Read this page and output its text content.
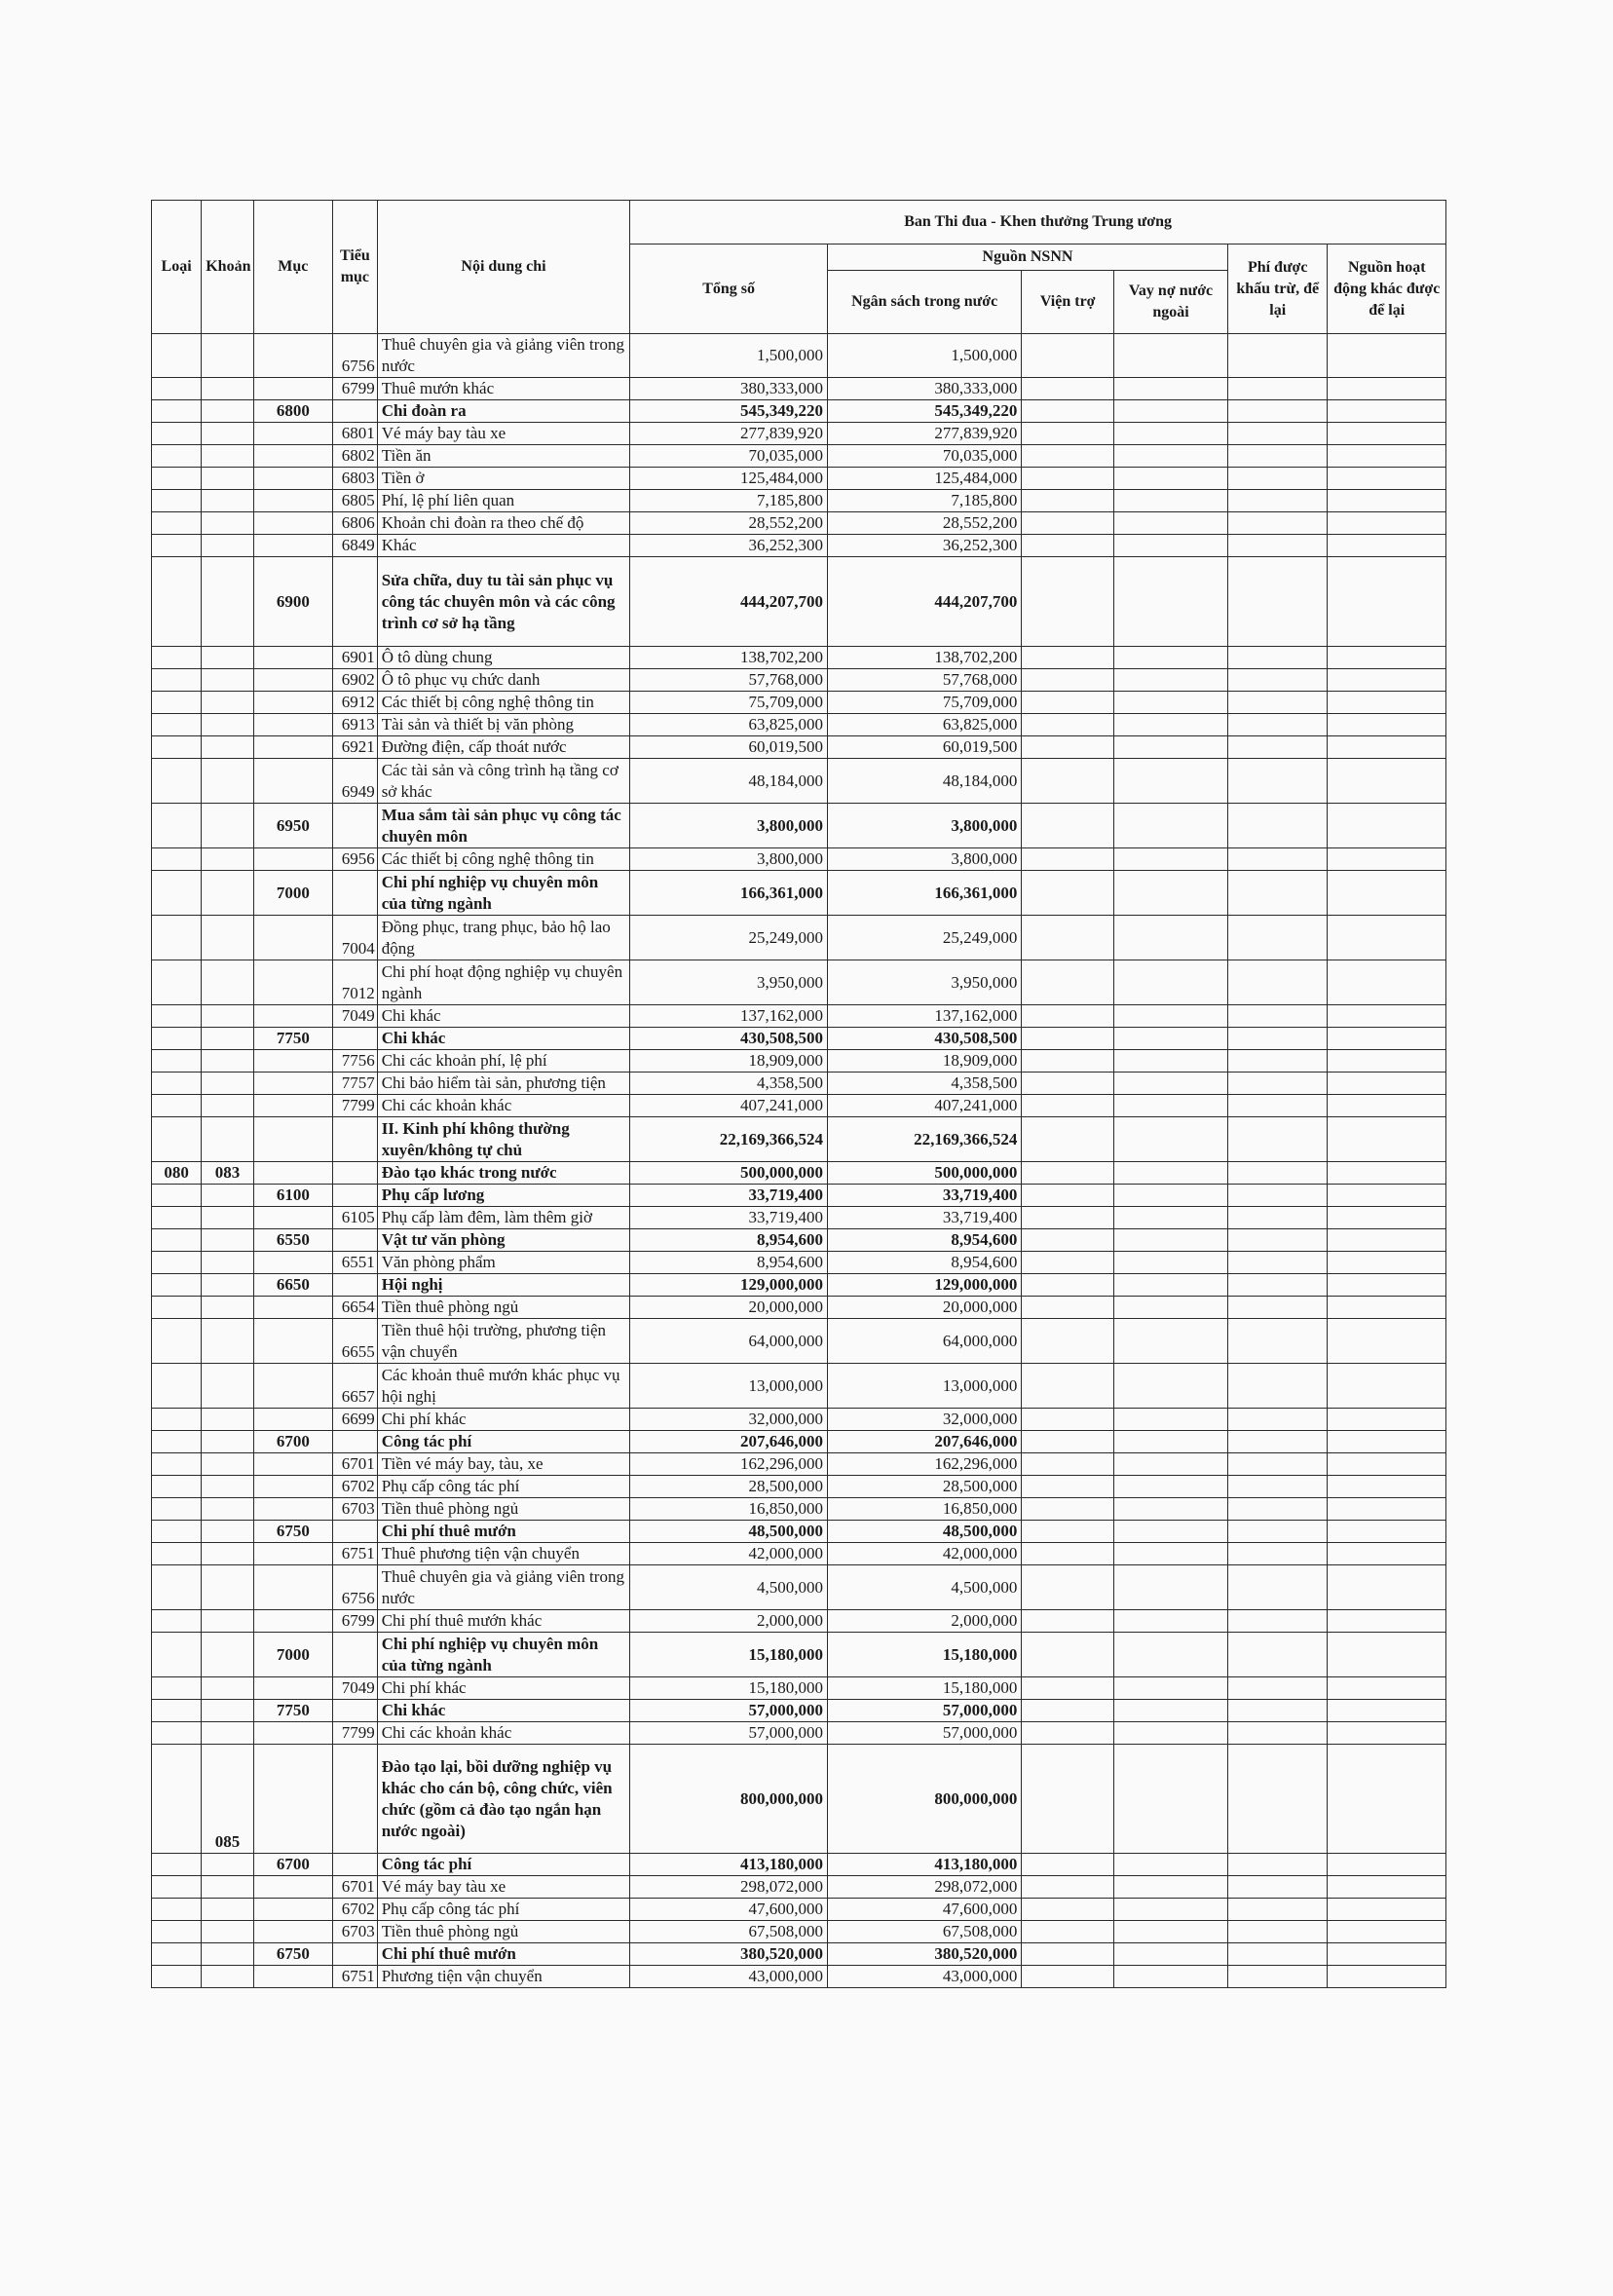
Loại	Khoản	Mục	Tiểu mục	Nội dung chi	Ban Thi đua - Khen thưởng Trung ương					
					Tổng số	Nguồn NSNN			Phí được khấu trừ, để lại	Nguồn hoạt động khác được để lại
						Ngân sách trong nước	Viện trợ	Vay nợ nước ngoài		
			6756	Thuê chuyên gia và giảng viên trong nước	1,500,000	1,500,000				
			6799	Thuê mướn khác	380,333,000	380,333,000				
		6800		Chi đoàn ra	545,349,220	545,349,220				
			6801	Vé máy bay tàu xe	277,839,920	277,839,920				
			6802	Tiền ăn	70,035,000	70,035,000				
			6803	Tiền ở	125,484,000	125,484,000				
			6805	Phí, lệ phí liên quan	7,185,800	7,185,800				
			6806	Khoản chi đoàn ra theo chế độ	28,552,200	28,552,200				
			6849	Khác	36,252,300	36,252,300				
		6900		Sửa chữa, duy tu tài sản phục vụ công tác chuyên môn và các công trình cơ sở hạ tầng	444,207,700	444,207,700				
			6901	Ô tô dùng chung	138,702,200	138,702,200				
			6902	Ô tô phục vụ chức danh	57,768,000	57,768,000				
			6912	Các thiết bị công nghệ thông tin	75,709,000	75,709,000				
			6913	Tài sản và thiết bị văn phòng	63,825,000	63,825,000				
			6921	Đường điện, cấp thoát nước	60,019,500	60,019,500				
			6949	Các tài sản và công trình hạ tầng cơ sở khác	48,184,000	48,184,000				
		6950		Mua sắm tài sản phục vụ công tác chuyên môn	3,800,000	3,800,000				
			6956	Các thiết bị công nghệ thông tin	3,800,000	3,800,000				
		7000		Chi phí nghiệp vụ chuyên môn của từng ngành	166,361,000	166,361,000				
			7004	Đồng phục, trang phục, bảo hộ lao động	25,249,000	25,249,000				
			7012	Chi phí hoạt động nghiệp vụ chuyên ngành	3,950,000	3,950,000				
			7049	Chi khác	137,162,000	137,162,000				
		7750		Chi khác	430,508,500	430,508,500				
			7756	Chi các khoản phí, lệ phí	18,909,000	18,909,000				
			7757	Chi bảo hiểm tài sản, phương tiện	4,358,500	4,358,500				
			7799	Chi các khoản khác	407,241,000	407,241,000				
				II. Kinh phí không thường xuyên/không tự chủ	22,169,366,524	22,169,366,524				
080	083			Đào tạo khác trong nước	500,000,000	500,000,000				
		6100		Phụ cấp lương	33,719,400	33,719,400				
			6105	Phụ cấp làm đêm, làm thêm giờ	33,719,400	33,719,400				
		6550		Vật tư văn phòng	8,954,600	8,954,600				
			6551	Văn phòng phẩm	8,954,600	8,954,600				
		6650		Hội nghị	129,000,000	129,000,000				
			6654	Tiền thuê phòng ngủ	20,000,000	20,000,000				
			6655	Tiền thuê hội trường, phương tiện vận chuyển	64,000,000	64,000,000				
			6657	Các khoản thuê mướn khác phục vụ hội nghị	13,000,000	13,000,000				
			6699	Chi phí khác	32,000,000	32,000,000				
		6700		Công tác phí	207,646,000	207,646,000				
			6701	Tiền vé máy bay, tàu, xe	162,296,000	162,296,000				
			6702	Phụ cấp công tác phí	28,500,000	28,500,000				
			6703	Tiền thuê phòng ngủ	16,850,000	16,850,000				
		6750		Chi phí thuê mướn	48,500,000	48,500,000				
			6751	Thuê phương tiện vận chuyển	42,000,000	42,000,000				
			6756	Thuê chuyên gia và giảng viên trong nước	4,500,000	4,500,000				
			6799	Chi phí thuê mướn khác	2,000,000	2,000,000				
		7000		Chi phí nghiệp vụ chuyên môn của từng ngành	15,180,000	15,180,000				
			7049	Chi phí khác	15,180,000	15,180,000				
		7750		Chi khác	57,000,000	57,000,000				
			7799	Chi các khoản khác	57,000,000	57,000,000				
	085			Đào tạo lại, bồi dưỡng nghiệp vụ khác cho cán bộ, công chức, viên chức (gồm cả đào tạo ngắn hạn nước ngoài)	800,000,000	800,000,000				
		6700		Công tác phí	413,180,000	413,180,000				
			6701	Vé máy bay tàu xe	298,072,000	298,072,000				
			6702	Phụ cấp công tác phí	47,600,000	47,600,000				
			6703	Tiền thuê phòng ngủ	67,508,000	67,508,000				
		6750		Chi phí thuê mướn	380,520,000	380,520,000				
			6751	Phương tiện vận chuyển	43,000,000	43,000,000				
